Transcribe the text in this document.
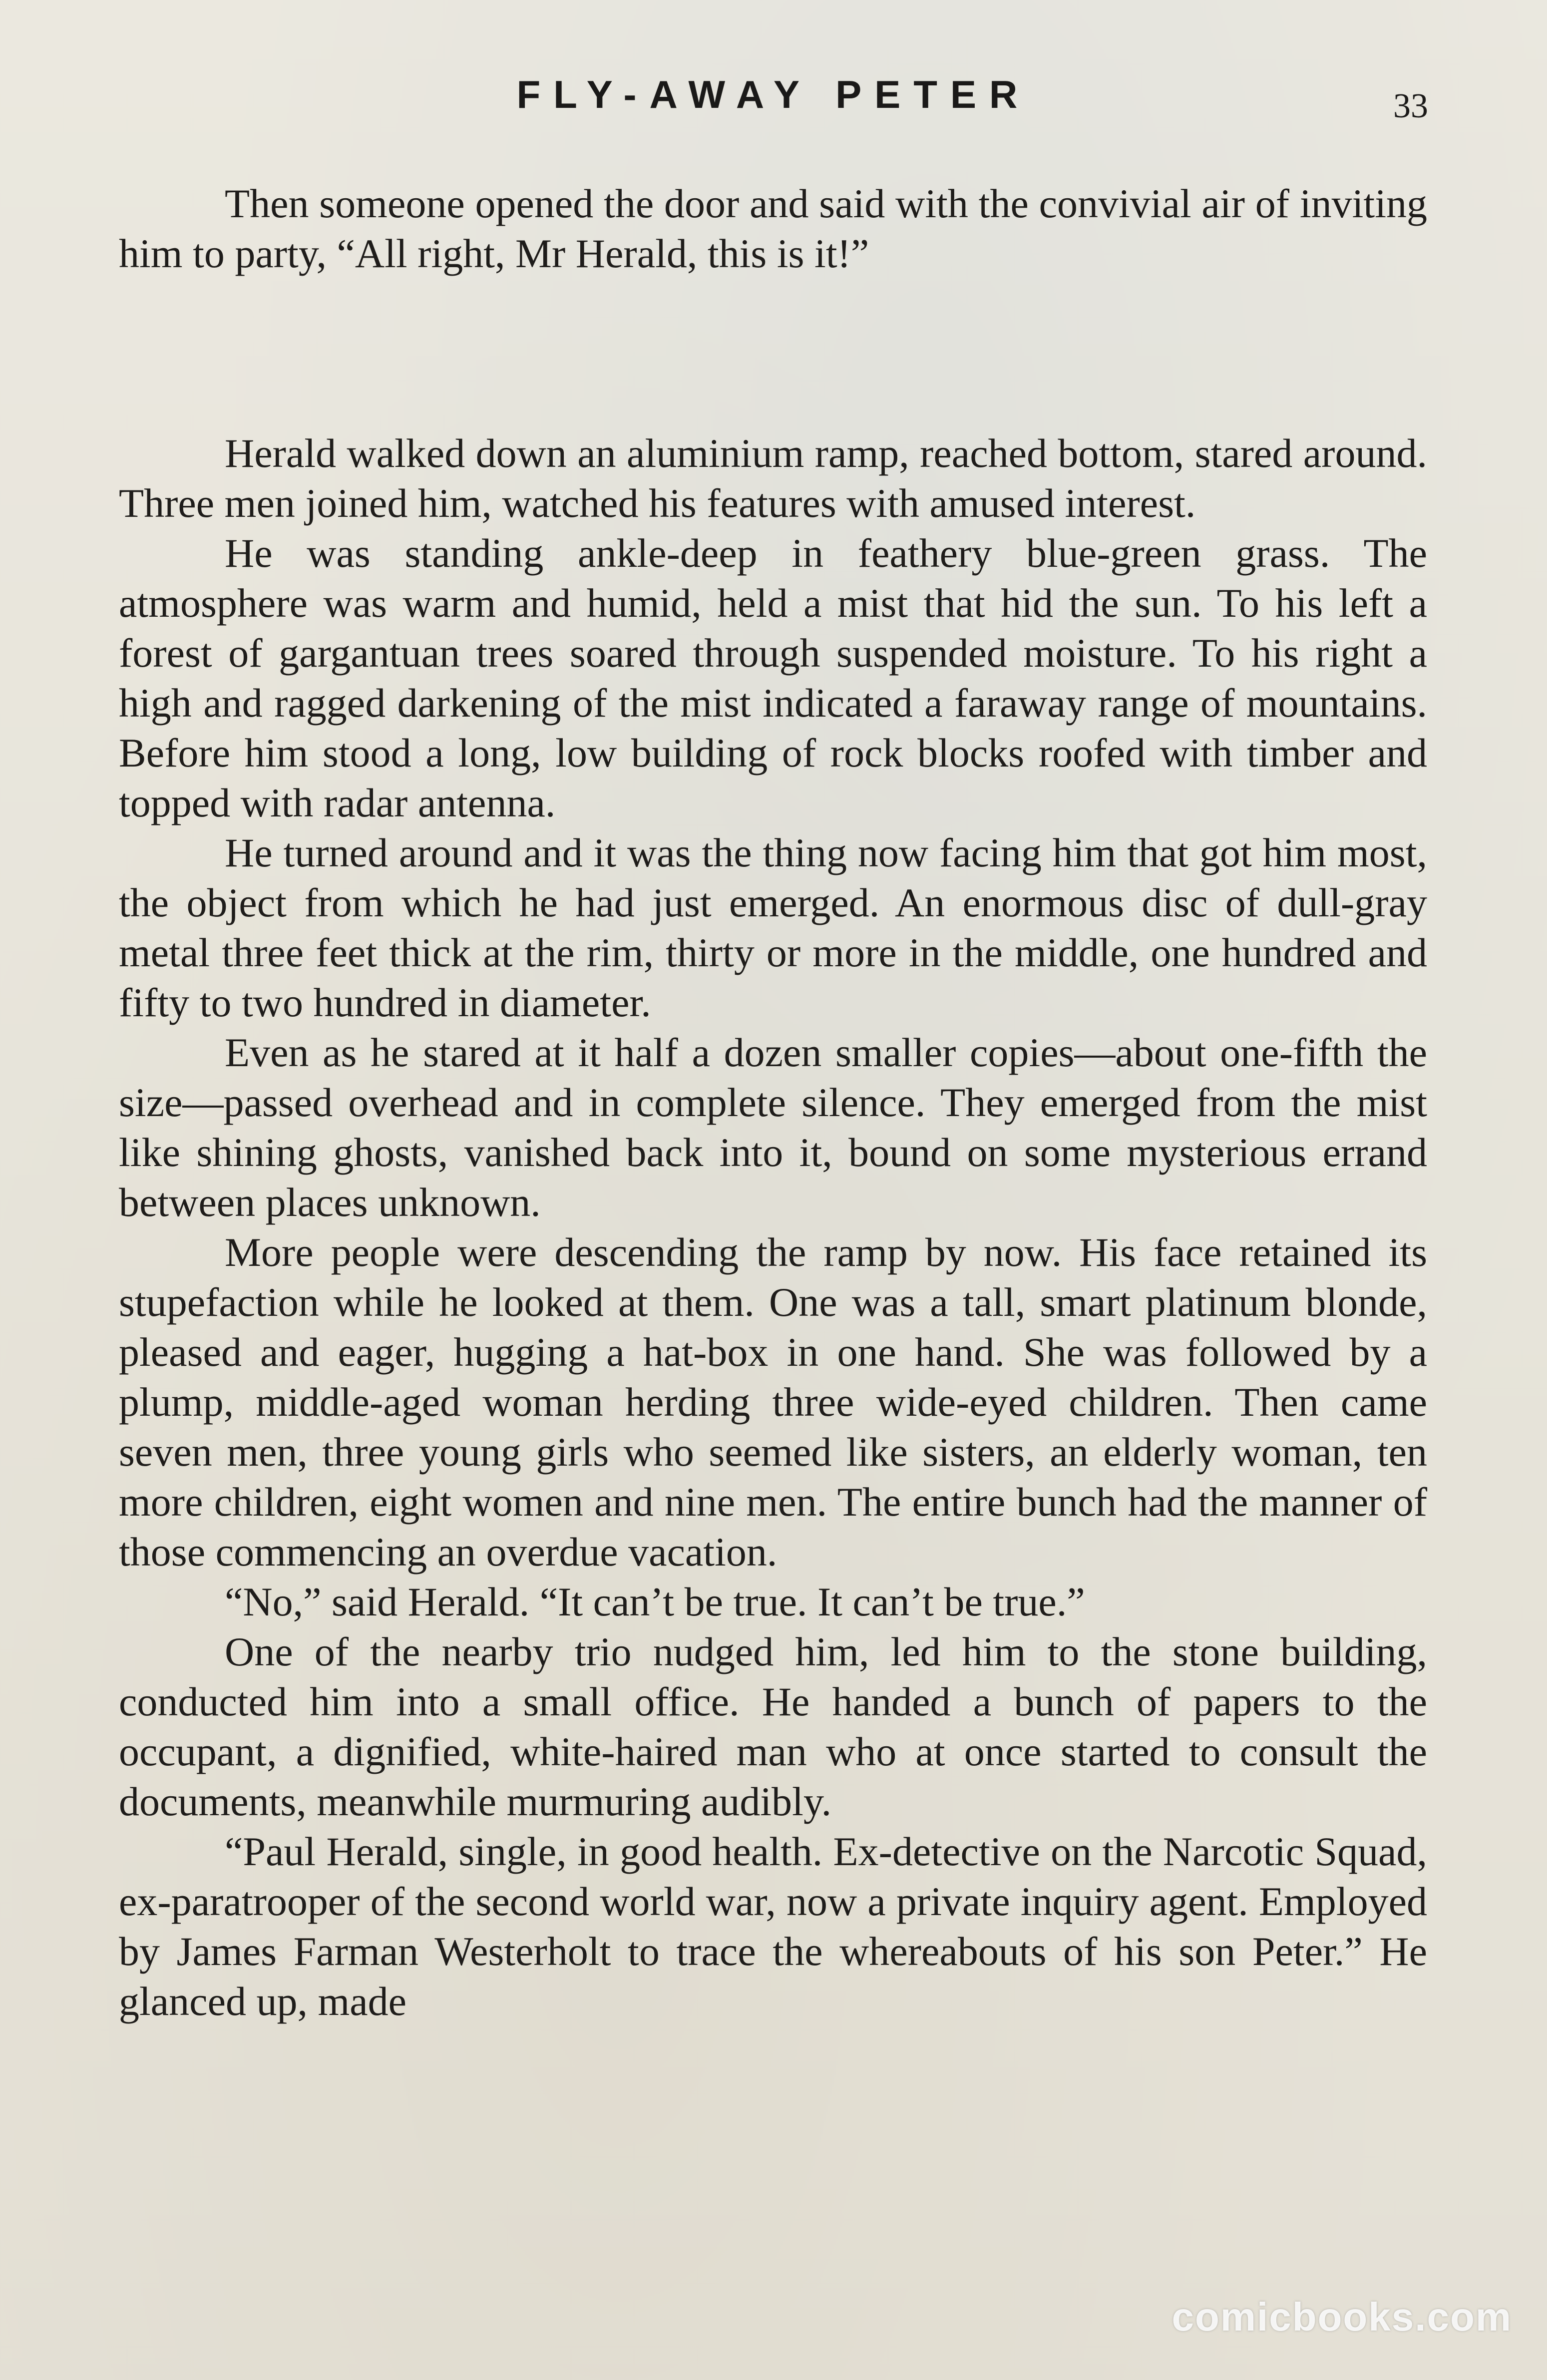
FLY-AWAY PETER	33

Then someone opened the door and said with the convivial air of inviting him to party, “All right, Mr Herald, this is it!”

Herald walked down an aluminium ramp, reached bottom, stared around. Three men joined him, watched his features with amused interest.

He was standing ankle-deep in feathery blue-green grass. The atmosphere was warm and humid, held a mist that hid the sun. To his left a forest of gargantuan trees soared through suspended moisture. To his right a high and ragged darkening of the mist indicated a faraway range of mountains. Before him stood a long, low building of rock blocks roofed with timber and topped with radar antenna.

He turned around and it was the thing now facing him that got him most, the object from which he had just emerged. An enormous disc of dull-gray metal three feet thick at the rim, thirty or more in the middle, one hundred and fifty to two hundred in diameter.

Even as he stared at it half a dozen smaller copies—about one-fifth the size—passed overhead and in complete silence. They emerged from the mist like shining ghosts, vanished back into it, bound on some mysterious errand between places unknown.

More people were descending the ramp by now. His face retained its stupefaction while he looked at them. One was a tall, smart platinum blonde, pleased and eager, hugging a hat-box in one hand. She was followed by a plump, middle-aged woman herding three wide-eyed children. Then came seven men, three young girls who seemed like sisters, an elderly woman, ten more children, eight women and nine men. The entire bunch had the manner of those commencing an overdue vacation.

“No,” said Herald. “It can’t be true. It can’t be true.”

One of the nearby trio nudged him, led him to the stone building, conducted him into a small office. He handed a bunch of papers to the occupant, a dignified, white-haired man who at once started to consult the documents, meanwhile murmuring audibly.

“Paul Herald, single, in good health. Ex-detective on the Narcotic Squad, ex-paratrooper of the second world war, now a private inquiry agent. Employed by James Farman Westerholt to trace the whereabouts of his son Peter.” He glanced up, made

comicbooks.com
